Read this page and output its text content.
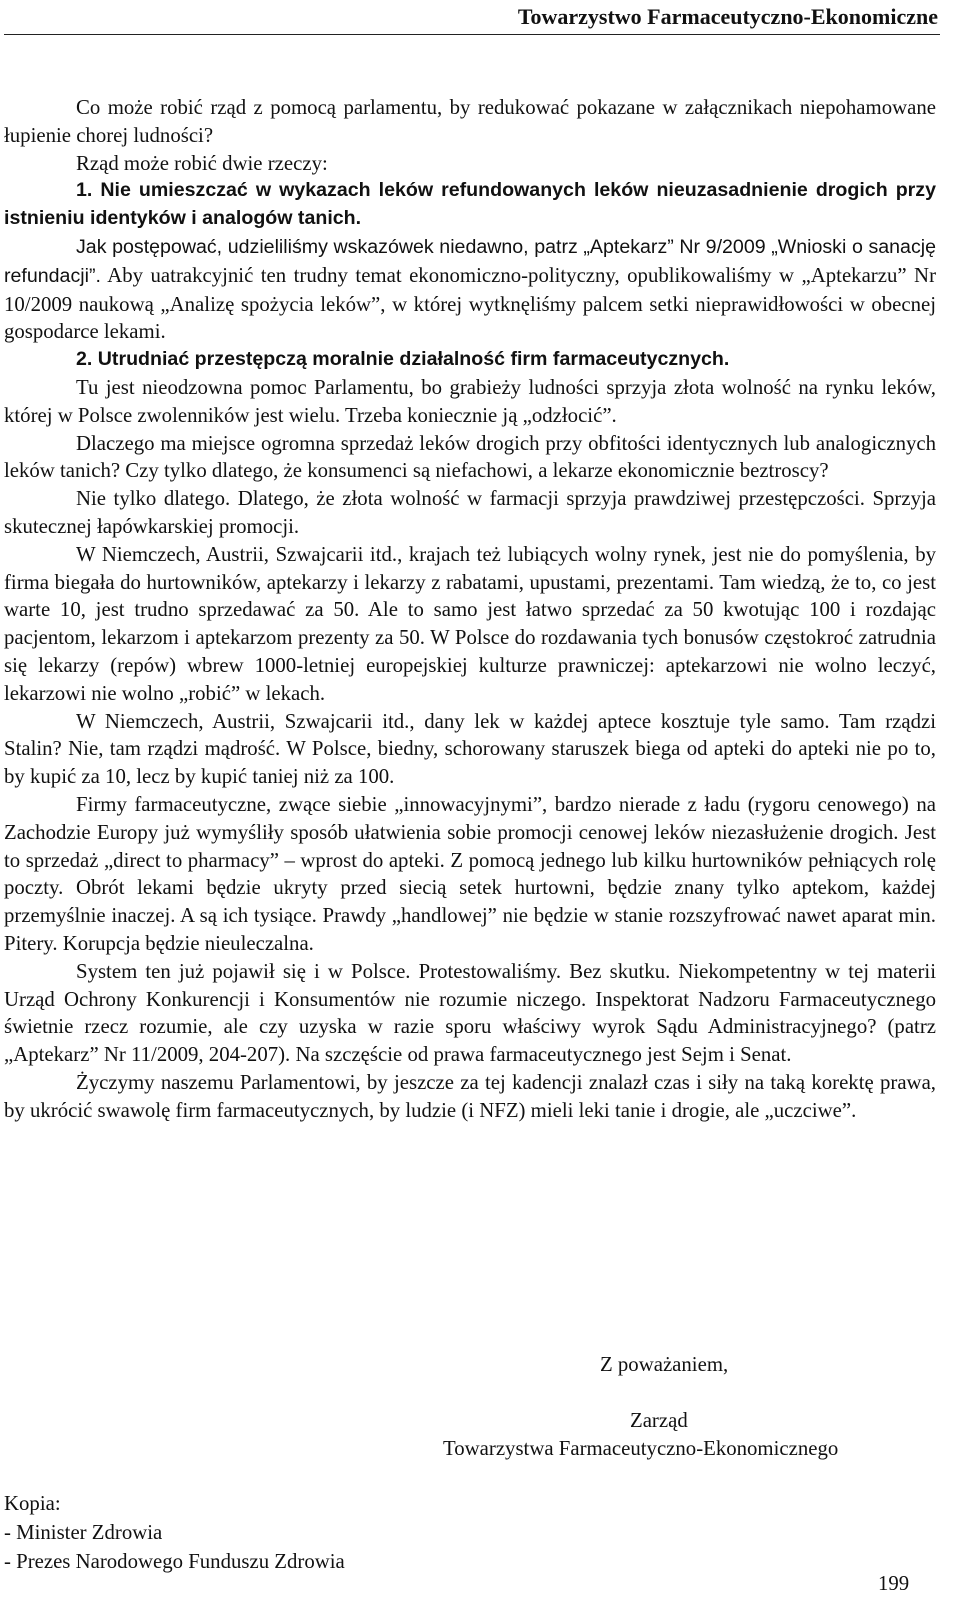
Towarzystwo Farmaceutyczno-Ekonomiczne

Co może robić rząd z pomocą parlamentu, by redukować pokazane w załącznikach niepohamowane łupienie chorej ludności?

Rząd może robić dwie rzeczy:

1. Nie umieszczać w wykazach leków refundowanych leków nieuzasadnienie drogich przy istnieniu identyków i analogów tanich.

Jak postępować, udzieliliśmy wskazówek niedawno, patrz „Aptekarz” Nr 9/2009 „Wnioski o sanację refundacji”. Aby uatrakcyjnić ten trudny temat ekonomiczno-polityczny, opublikowaliśmy w „Aptekarzu” Nr 10/2009 naukową „Analizę spożycia leków”, w której wytknęliśmy palcem setki nieprawidłowości w obecnej gospodarce lekami.

2. Utrudniać przestępczą moralnie działalność firm farmaceutycznych.

Tu jest nieodzowna pomoc Parlamentu, bo grabieży ludności sprzyja złota wolność na rynku leków, której w Polsce zwolenników jest wielu. Trzeba koniecznie ją „odzłocić”.

Dlaczego ma miejsce ogromna sprzedaż leków drogich przy obfitości identycznych lub analogicznych leków tanich? Czy tylko dlatego, że konsumenci są niefachowi, a lekarze ekonomicznie beztroscy?

Nie tylko dlatego. Dlatego, że złota wolność w farmacji sprzyja prawdziwej przestępczości. Sprzyja skutecznej łapówkarskiej promocji.

W Niemczech, Austrii, Szwajcarii itd., krajach też lubiących wolny rynek, jest nie do pomyślenia, by firma biegała do hurtowników, aptekarzy i lekarzy z rabatami, upustami, prezentami. Tam wiedzą, że to, co jest warte 10, jest trudno sprzedawać za 50. Ale to samo jest łatwo sprzedać za 50 kwotując 100 i rozdając pacjentom, lekarzom i aptekarzom prezenty za 50. W Polsce do rozdawania tych bonusów częstokroć zatrudnia się lekarzy (repów) wbrew 1000-letniej europejskiej kulturze prawniczej: aptekarzowi nie wolno leczyć, lekarzowi nie wolno „robić” w lekach.

W Niemczech, Austrii, Szwajcarii itd., dany lek w każdej aptece kosztuje tyle samo. Tam rządzi Stalin? Nie, tam rządzi mądrość. W Polsce, biedny, schorowany staruszek biega od apteki do apteki nie po to, by kupić za 10, lecz by kupić taniej niż za 100.

Firmy farmaceutyczne, zwące siebie „innowacyjnymi”, bardzo nierade z ładu (rygoru cenowego) na Zachodzie Europy już wymyśliły sposób ułatwienia sobie promocji cenowej leków niezasłużenie drogich. Jest to sprzedaż „direct to pharmacy” – wprost do apteki. Z pomocą jednego lub kilku hurtowników pełniących rolę poczty. Obrót lekami będzie ukryty przed siecią setek hurtowni, będzie znany tylko aptekom, każdej przemyślnie inaczej. A są ich tysiące. Prawdy „handlowej” nie będzie w stanie rozszyfrować nawet aparat min. Pitery. Korupcja będzie nieuleczalna.

System ten już pojawił się i w Polsce. Protestowaliśmy. Bez skutku. Niekompetentny w tej materii Urząd Ochrony Konkurencji i Konsumentów nie rozumie niczego. Inspektorat Nadzoru Farmaceutycznego świetnie rzecz rozumie, ale czy uzyska w razie sporu właściwy wyrok Sądu Administracyjnego? (patrz „Aptekarz” Nr 11/2009, 204-207). Na szczęście od prawa farmaceutycznego jest Sejm i Senat.

Życzymy naszemu Parlamentowi, by jeszcze za tej kadencji znalazł czas i siły na taką korektę prawa, by ukrócić swawolę firm farmaceutycznych, by ludzie (i NFZ) mieli leki tanie i drogie, ale „uczciwe”.

Z poważaniem,
Zarząd
Towarzystwa Farmaceutyczno-Ekonomicznego
Kopia:
- Minister Zdrowia
- Prezes Narodowego Funduszu Zdrowia
199
